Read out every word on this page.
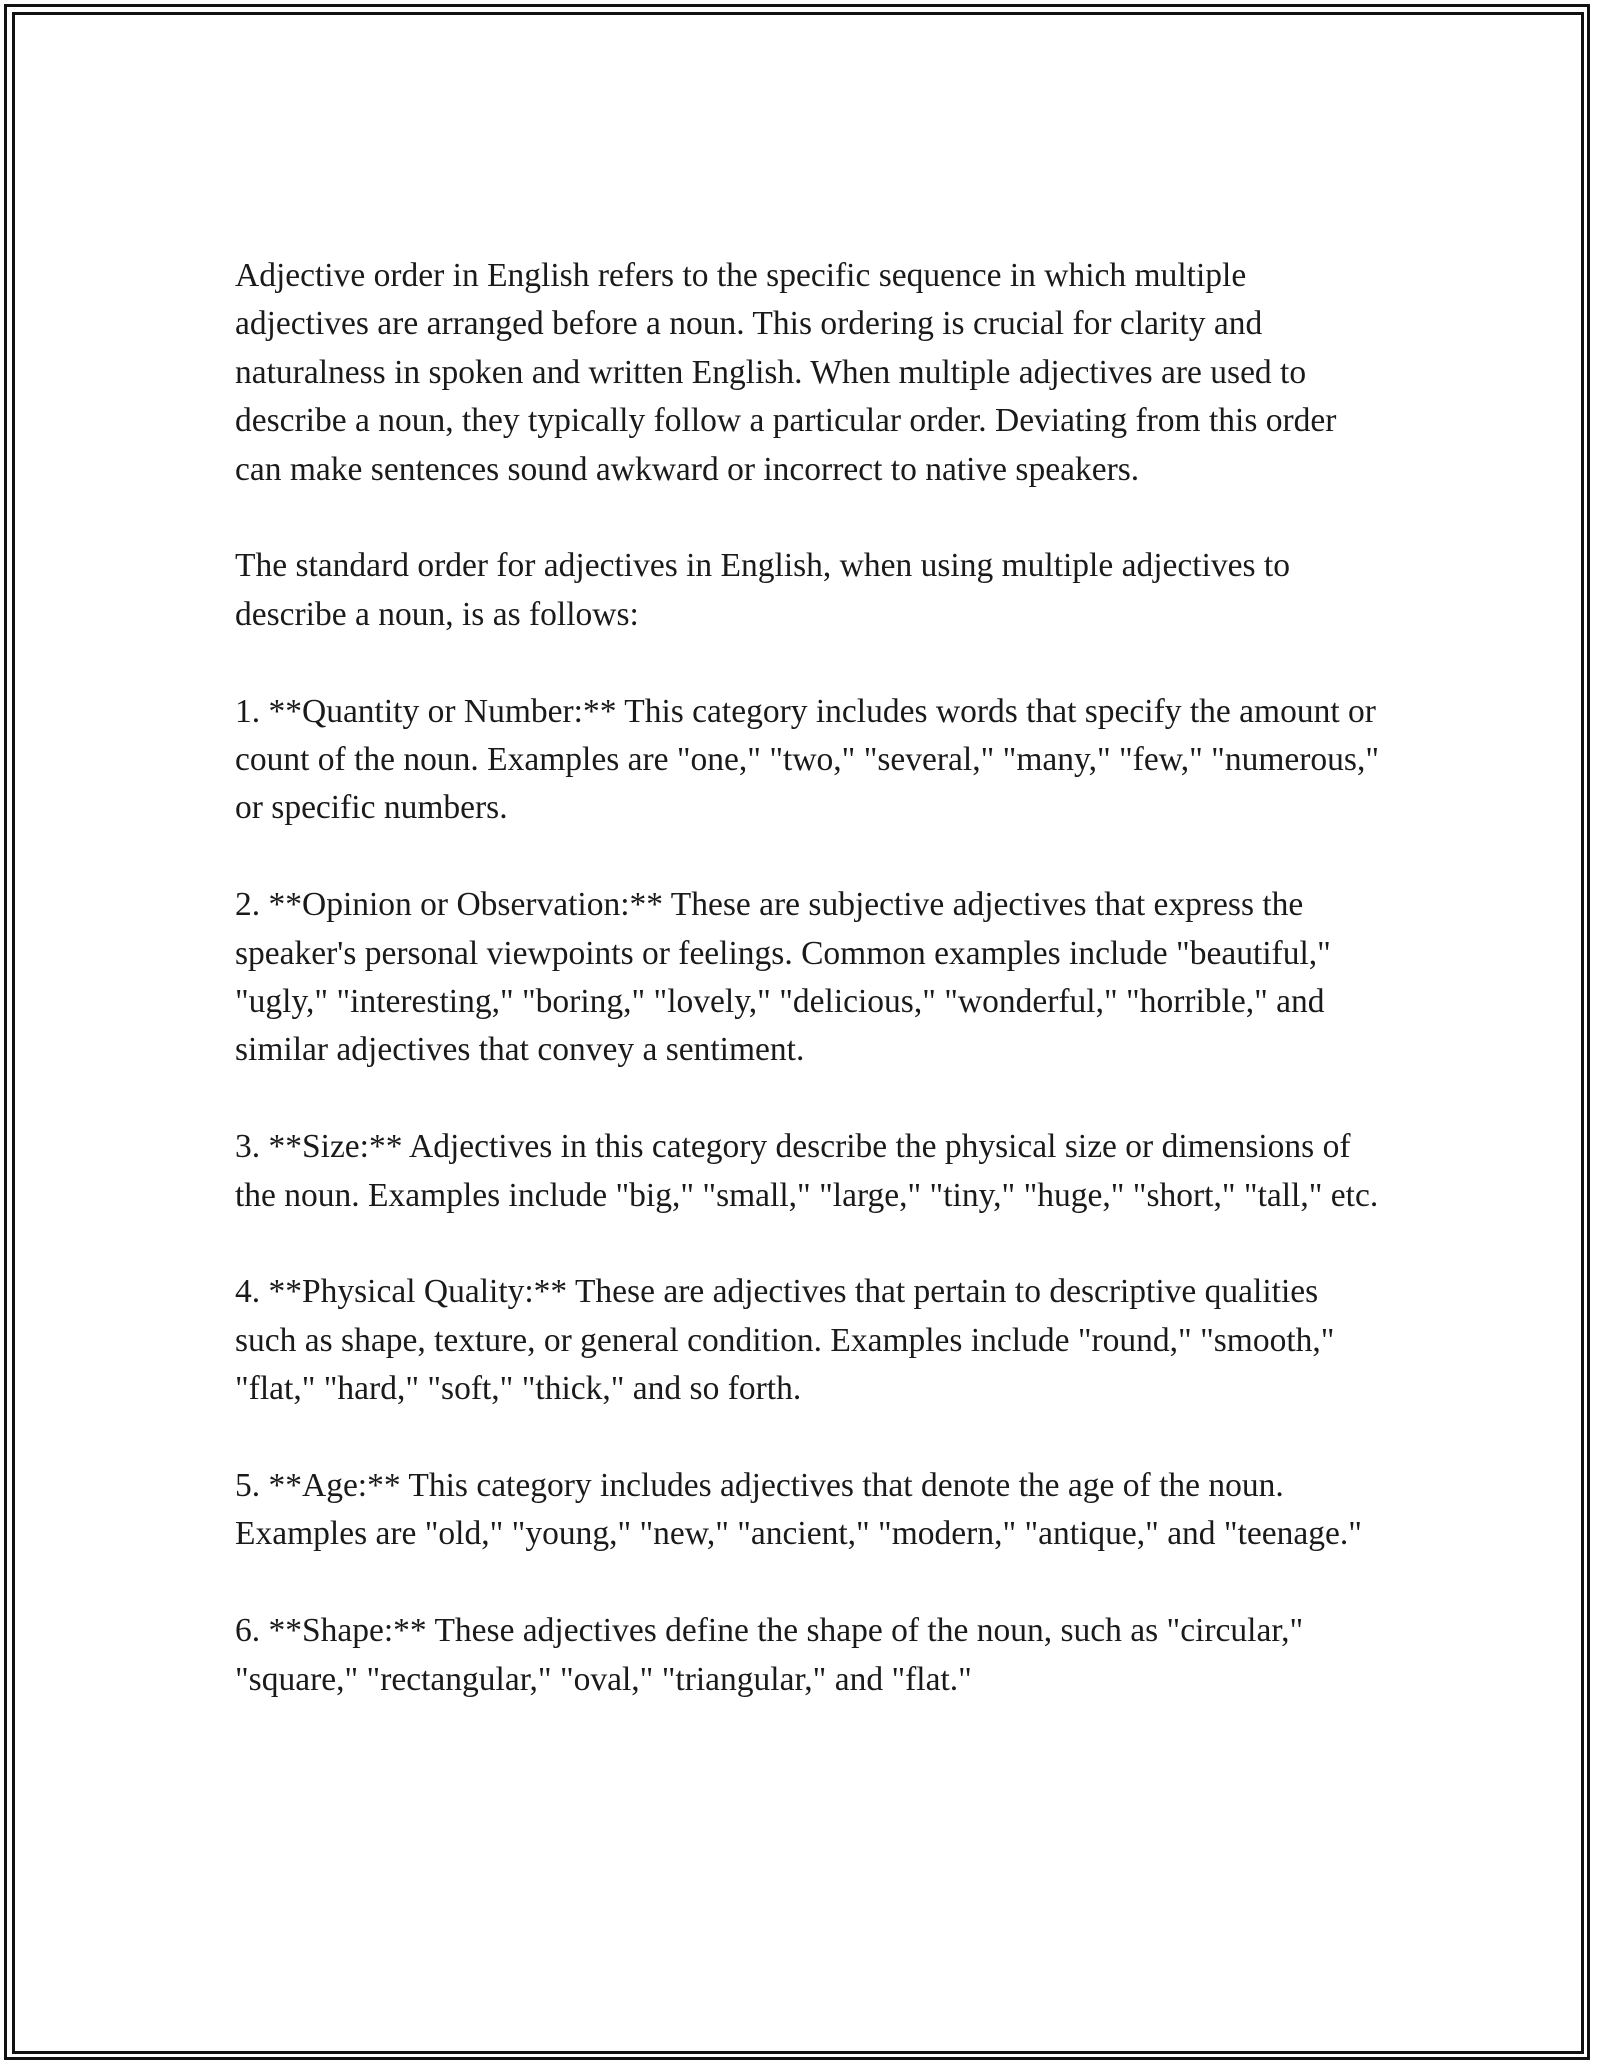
Adjective order in English refers to the specific sequence in which multiple adjectives are arranged before a noun. This ordering is crucial for clarity and naturalness in spoken and written English. When multiple adjectives are used to describe a noun, they typically follow a particular order. Deviating from this order can make sentences sound awkward or incorrect to native speakers.

The standard order for adjectives in English, when using multiple adjectives to describe a noun, is as follows:

1. **Quantity or Number:** This category includes words that specify the amount or count of the noun. Examples are "one," "two," "several," "many," "few," "numerous," or specific numbers.

2. **Opinion or Observation:** These are subjective adjectives that express the speaker's personal viewpoints or feelings. Common examples include "beautiful," "ugly," "interesting," "boring," "lovely," "delicious," "wonderful," "horrible," and similar adjectives that convey a sentiment.

3. **Size:** Adjectives in this category describe the physical size or dimensions of the noun. Examples include "big," "small," "large," "tiny," "huge," "short," "tall," etc.

4. **Physical Quality:** These are adjectives that pertain to descriptive qualities such as shape, texture, or general condition. Examples include "round," "smooth," "flat," "hard," "soft," "thick," and so forth.

5. **Age:** This category includes adjectives that denote the age of the noun. Examples are "old," "young," "new," "ancient," "modern," "antique," and "teenage."

6. **Shape:** These adjectives define the shape of the noun, such as "circular," "square," "rectangular," "oval," "triangular," and "flat."
